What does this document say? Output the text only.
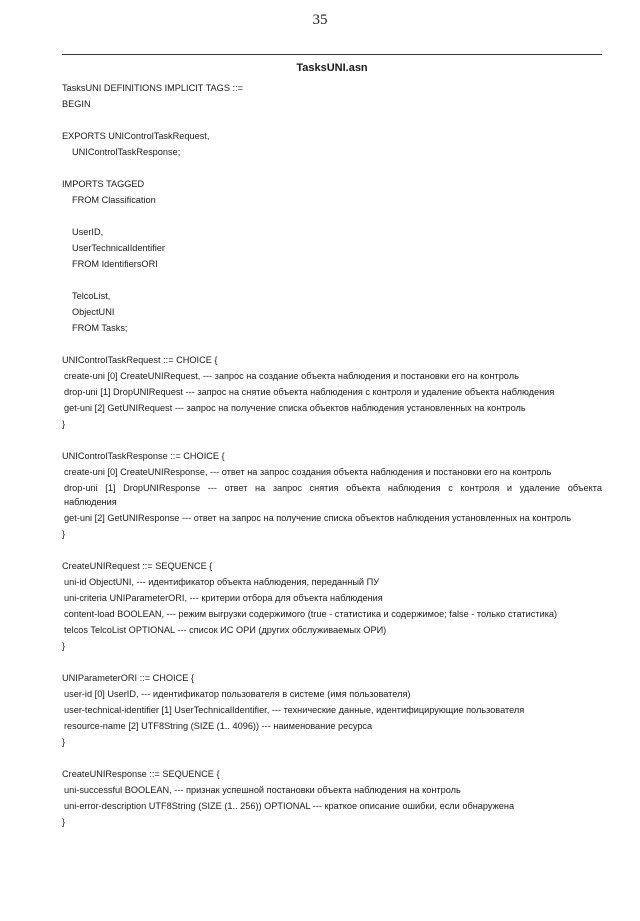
35
TasksUNI.asn
TasksUNI DEFINITIONS IMPLICIT TAGS ::=
BEGIN
EXPORTS UNIControlTaskRequest,
UNIControlTaskResponse;
IMPORTS TAGGED
FROM Classification
UserID,
UserTechnicalIdentifier
FROM IdentifiersORI
TelcoList,
ObjectUNI
FROM Tasks;
UNIControlTaskRequest ::= CHOICE {
create-uni [0] CreateUNIRequest, --- запрос на создание объекта наблюдения и постановки его на контроль
drop-uni [1] DropUNIRequest --- запрос на снятие объекта наблюдения с контроля и удаление объекта наблюдения
get-uni [2] GetUNIRequest --- запрос на получение списка объектов наблюдения установленных на контроль
}
UNIControlTaskResponse ::= CHOICE {
create-uni [0] CreateUNIResponse, --- ответ на запрос создания объекта наблюдения и постановки его на контроль
drop-uni [1] DropUNIResponse --- ответ на запрос снятия объекта наблюдения с контроля и удаление объекта наблюдения
get-uni [2] GetUNIResponse --- ответ на запрос на получение списка объектов наблюдения установленных на контроль
}
CreateUNIRequest ::= SEQUENCE {
uni-id ObjectUNI, --- идентификатор объекта наблюдения, переданный ПУ
uni-criteria UNIParameterORI, --- критерии отбора для объекта наблюдения
content-load BOOLEAN, --- режим выгрузки содержимого (true - статистика и содержимое; false - только статистика)
telcos TelcoList OPTIONAL --- список ИС ОРИ (других обслуживаемых ОРИ)
}
UNIParameterORI ::= CHOICE {
user-id [0] UserID, --- идентификатор пользователя в системе (имя пользователя)
user-technical-identifier [1] UserTechnicalIdentifier, --- технические данные, идентифицирующие пользователя
resource-name [2] UTF8String (SIZE (1.. 4096)) --- наименование ресурса
}
CreateUNIResponse ::= SEQUENCE {
uni-successful BOOLEAN, --- признак успешной постановки объекта наблюдения на контроль
uni-error-description UTF8String (SIZE (1.. 256)) OPTIONAL --- краткое описание ошибки, если обнаружена
}
